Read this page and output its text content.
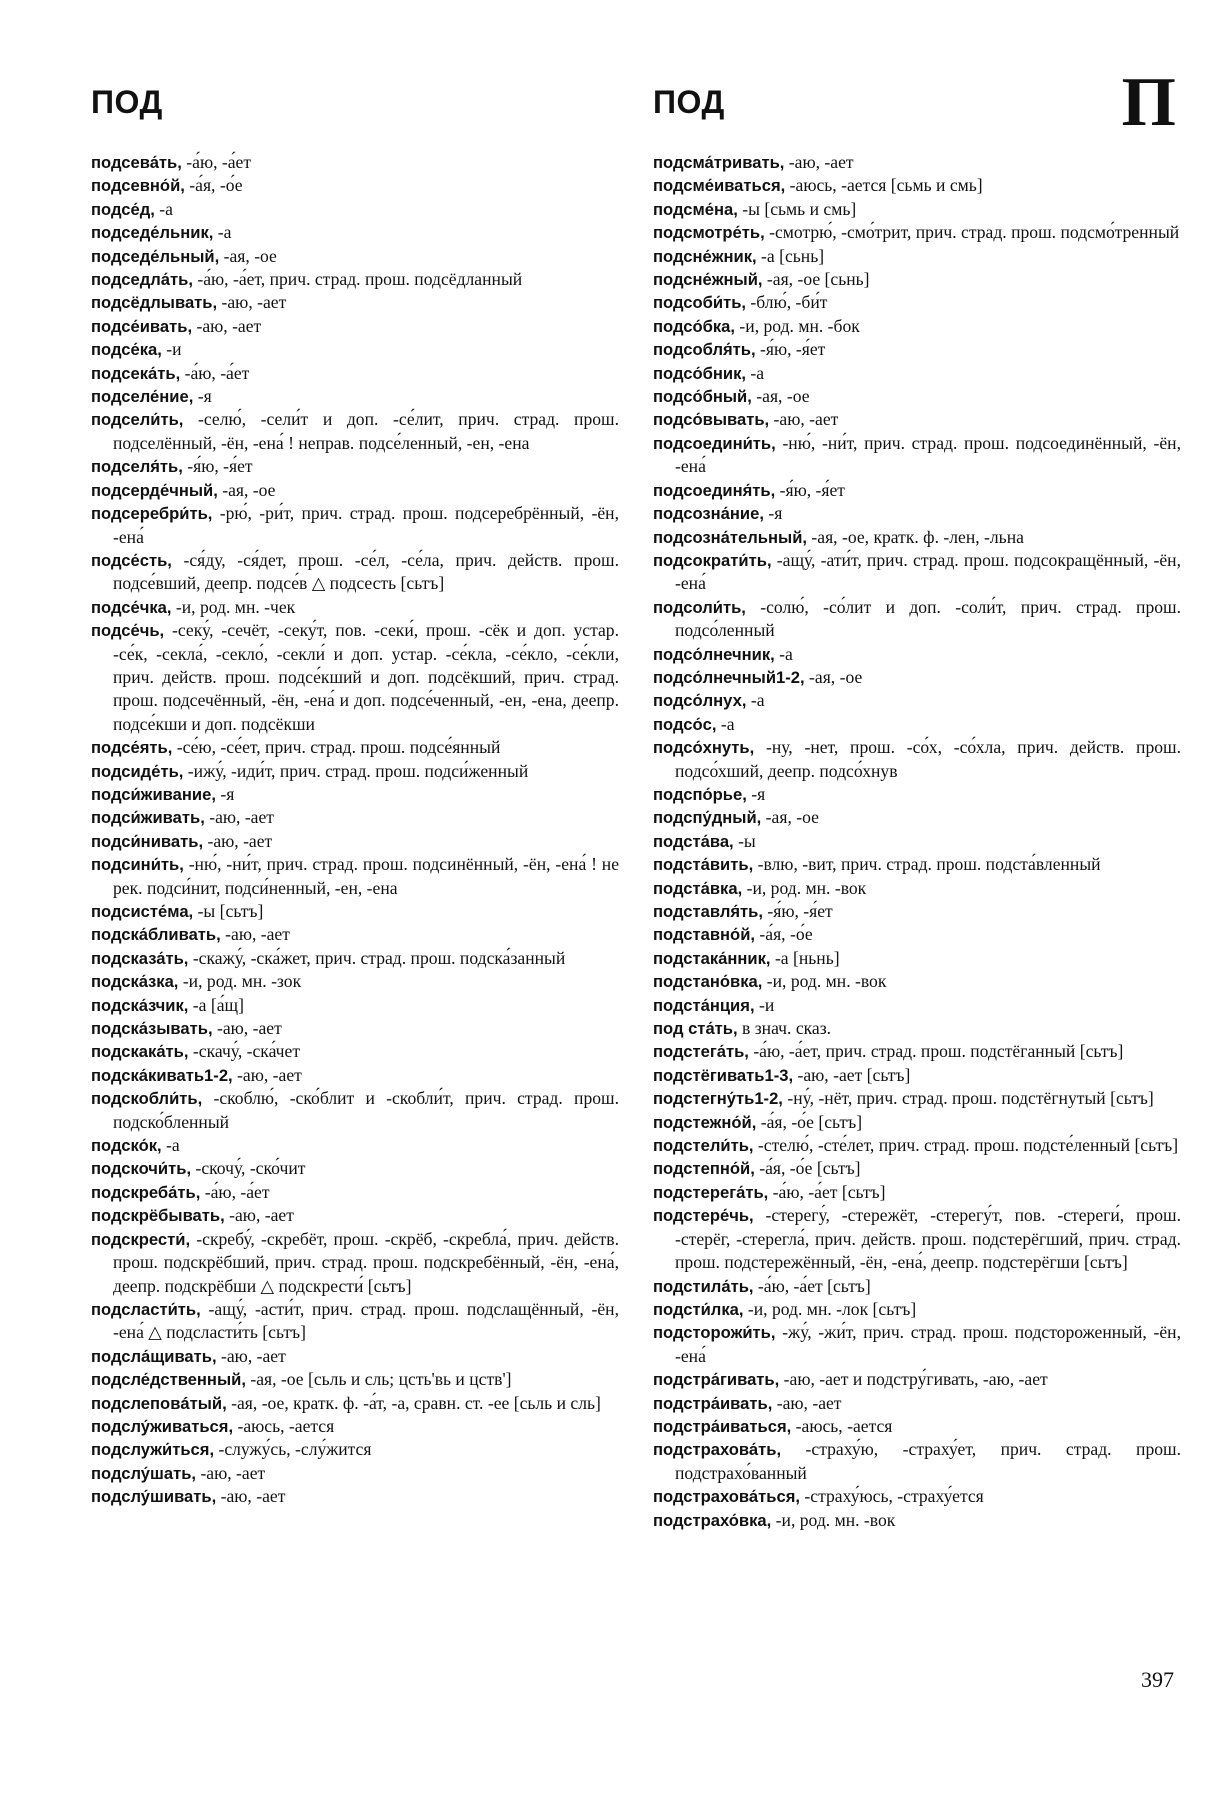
ПОД	ПОД	П

подсева́ть, -а́ю, -а́ет

подсевно́й, -а́я, -о́е

подсе́д, -а

подседе́льник, -а

подседе́льный, -ая, -ое

подседла́ть, -а́ю, -а́ет, прич. страд. прош. подсёдланный

подсёдлывать, -аю, -ает

подсе́ивать, -аю, -ает

подсе́ка, -и

подсека́ть, -а́ю, -а́ет

подселе́ние, -я

подсели́ть, -селю́, -сели́т и доп. -се́лит, прич. страд. прош. подселённый, -ён, -ена́ ! неправ. подсе́ленный, -ен, -ена

подселя́ть, -я́ю, -я́ет

подсерде́чный, -ая, -ое

подсеребри́ть, -рю́, -ри́т, прич. страд. прош. подсеребрённый, -ён, -ена́

подсе́сть, -ся́ду, -ся́дет, прош. -се́л, -се́ла, прич. действ. прош. подсе́вший, деепр. подсе́в △ подсесть [сьтъ]

подсе́чка, -и, род. мн. -чек

подсе́чь, -секу́, -сечёт, -секу́т, пов. -секи́, прош. -сёк и доп. устар. -се́к, -секла́, -секло́, -секли́ и доп. устар. -се́кла, -се́кло, -се́кли, прич. действ. прош. подсе́кший и доп. подсёкший, прич. страд. прош. подсечённый, -ён, -ена́ и доп. подсе́ченный, -ен, -ена, деепр. подсе́кши и доп. подсёкши

подсе́ять, -се́ю, -се́ет, прич. страд. прош. подсе́янный

подсиде́ть, -ижу́, -иди́т, прич. страд. прош. подси́женный

подси́живание, -я

подси́живать, -аю, -ает

подси́нивать, -аю, -ает

подсини́ть, -ню́, -ни́т, прич. страд. прош. подсинённый, -ён, -ена́ ! не рек. подси́нит, подси́ненный, -ен, -ена

подсисте́ма, -ы [сьтъ]

подска́бливать, -аю, -ает

подсказа́ть, -скажу́, -ска́жет, прич. страд. прош. подска́занный

подска́зка, -и, род. мн. -зок

подска́зчик, -а [а́щ]

подска́зывать, -аю, -ает

подскака́ть, -скачу́, -ска́чет

подска́кивать1-2, -аю, -ает

подскобли́ть, -скоблю́, -ско́блит и -скобли́т, прич. страд. прош. подско́бленный

подско́к, -а

подскочи́ть, -скочу́, -ско́чит

подскреба́ть, -а́ю, -а́ет

подскрёбывать, -аю, -ает

подскрести́, -скребу́, -скребёт, прош. -скрёб, -скребла́, прич. действ. прош. подскрёбший, прич. страд. прош. подскребённый, -ён, -ена́, деепр. подскрёбши △ подскрести́ [сьтъ]

подсласти́ть, -ащу́, -асти́т, прич. страд. прош. подслащённый, -ён, -ена́ △ подсласти́ть [сьтъ]

подсла́щивать, -аю, -ает

подсле́дственный, -ая, -ое [сьль и сль; цсть'вь и цств']

подслеповáтый, -ая, -ое, кратк. ф. -а́т, -а, сравн. ст. -ее [сьль и сль]

подслу́живаться, -аюсь, -ается

подслужи́ться, -служу́сь, -слу́жится

подслу́шать, -аю, -ает

подслу́шивать, -аю, -ает

подсма́тривать, -аю, -ает

подсме́иваться, -аюсь, -ается [сьмь и смь]

подсме́на, -ы [сьмь и смь]

подсмотре́ть, -смотрю́, -смо́трит, прич. страд. прош. подсмо́тренный

подсне́жник, -а [сьнь]

подсне́жный, -ая, -ое [сьнь]

подсоби́ть, -блю́, -би́т

подсо́бка, -и, род. мн. -бок

подсобля́ть, -я́ю, -я́ет

подсо́бник, -а

подсо́бный, -ая, -ое

подсо́вывать, -аю, -ает

подсоедини́ть, -ню́, -ни́т, прич. страд. прош. подсоединённый, -ён, -ена́

подсоединя́ть, -я́ю, -я́ет

подсозна́ние, -я

подсозна́тельный, -ая, -ое, кратк. ф. -лен, -льна

подсократи́ть, -ащу́, -ати́т, прич. страд. прош. подсокращённый, -ён, -ена́

подсоли́ть, -солю́, -со́лит и доп. -соли́т, прич. страд. прош. подсо́ленный

подсо́лнечник, -а

подсо́лнечный1-2, -ая, -ое

подсо́лнух, -а

подсо́с, -а

подсо́хнуть, -ну, -нет, прош. -со́х, -со́хла, прич. действ. прош. подсо́хший, деепр. подсо́хнув

подспо́рье, -я

подспу́дный, -ая, -ое

подста́ва, -ы

подста́вить, -влю, -вит, прич. страд. прош. подста́вленный

подста́вка, -и, род. мн. -вок

подставля́ть, -я́ю, -я́ет

подставно́й, -а́я, -о́е

подстака́нник, -а [ньнь]

подстано́вка, -и, род. мн. -вок

подста́нция, -и

под ста́ть, в знач. сказ.

подстега́ть, -а́ю, -а́ет, прич. страд. прош. подстёганный [сьтъ]

подстёгивать1-3, -аю, -ает [сьтъ]

подстегну́ть1-2, -ну́, -нёт, прич. страд. прош. подстёгнутый [сьтъ]

подстежно́й, -а́я, -о́е [сьтъ]

подстели́ть, -стелю́, -сте́лет, прич. страд. прош. подсте́ленный [сьтъ]

подстепно́й, -а́я, -о́е [сьтъ]

подстерега́ть, -а́ю, -а́ет [сьтъ]

подстере́чь, -стерегу́, -стережёт, -стерегу́т, пов. -стереги́, прош. -стерёг, -стерегла́, прич. действ. прош. подстерёгший, прич. страд. прош. подстережённый, -ён, -ена́, деепр. подстерёгши [сьтъ]

подстила́ть, -а́ю, -а́ет [сьтъ]

подсти́лка, -и, род. мн. -лок [сьтъ]

подсторожи́ть, -жу́, -жи́т, прич. страд. прош. подстороженный, -ён, -ена́

подстра́гивать, -аю, -ает и подстру́гивать, -аю, -ает

подстра́ивать, -аю, -ает

подстра́иваться, -аюсь, -ается

подстрахова́ть, -страху́ю, -страху́ет, прич. страд. прош. подстрахо́ванный

подстрахова́ться, -страху́юсь, -страху́ется

подстрахо́вка, -и, род. мн. -вок

397
